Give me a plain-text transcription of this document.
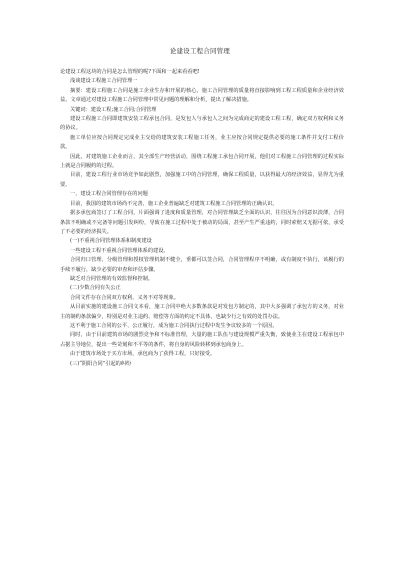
论建设工程合同管理

论建设工程这块的合同是怎么管理的呢?下面和一起来看看吧!

浅谈建设工程施工合同管理一

摘要：建设工程施工合同是施工企业生存和开展的核心，施工合同管理的质量将直接影响到工程工程质量和企业经济效益。文章通过对建设工程施工合同管理中常见问题的理解和分析，提出了解决措施。

关键词：建设工程;施工合同;合同管理

建设工程施工合同即建筑安装工程承包合同，是发包人与承包人之间为完成商定的建设工程工程，确定双方权利和义务的协议。

施工单位应按合同规定完成业主交给的建筑安装工程施工任务，业主应按合同规定提供必要的施工条件并支付工程价款。

因此，对建筑施工企业而言，其全部生产经营活动，围绕工程施工承包合同开展，他们对工程施工合同管理的过程实际上就是合同履约的过程。

目前，建设工程行业市场竞争如此剧烈，加强施工中的合同管理，确保工程质量，以获得最大的经济效益，显得尤为重要。

一、建设工程合同管理存在的问题

目前，我国的建筑市场尚不完善，施工企业普遍缺乏对建筑工程施工合同管理的正确认识。

据多承包商签订了工程合同，片面强调了进度和质量管理，对合同管理缺乏全面的认识，往往因为合同意识淡薄，合同条款不明确或不完备等问题引发纠纷，导致在施工过程中处于被动的局面，甚至产生严重违约，同时索赔又无据可依，承受了不必要的经济损失。

(一)不重视合同管理体系和制度建设

一些建设工程不重视合同管理体系的建设。

合同归口管理、分级管理和授权管理机制不健全，垂都可以签合同，合同管理程序不明确，或有制度不执行，该履行的手续不履行，缺少必要的审查和评估步骤。

缺乏对合同管理的有效监督和控制。

(二)少数合同有失公正

合同文件存在合同双方权利、义务不对等现象。

从目前实施的建设施工合同文本看，施工合同中绝大多数条款是对发包方制定的，其中大多强调了承包方的义务，对业主的制约条款偏少，特别是对业主违约、赔偿等方面的约定不具体，也缺少行之有效的处罚办法。

这不利于施工合同的公平、公正履行，成为施工合同执行过程中发生争议较多的一个原因。

同时，由于目前建筑市场的剧烈竞争和不标准管理，大量的施工队伍与建设规模严重失衡，致使业主在建设工程承包中占据主导地位，提出一些苛刻和不平等的条件，将自身的风险转移到承包商身上。

由于建筑市场处于买方市场，承包商为了获得工程，只好接受。

(三)“阴阳合同”引起的纠纷
